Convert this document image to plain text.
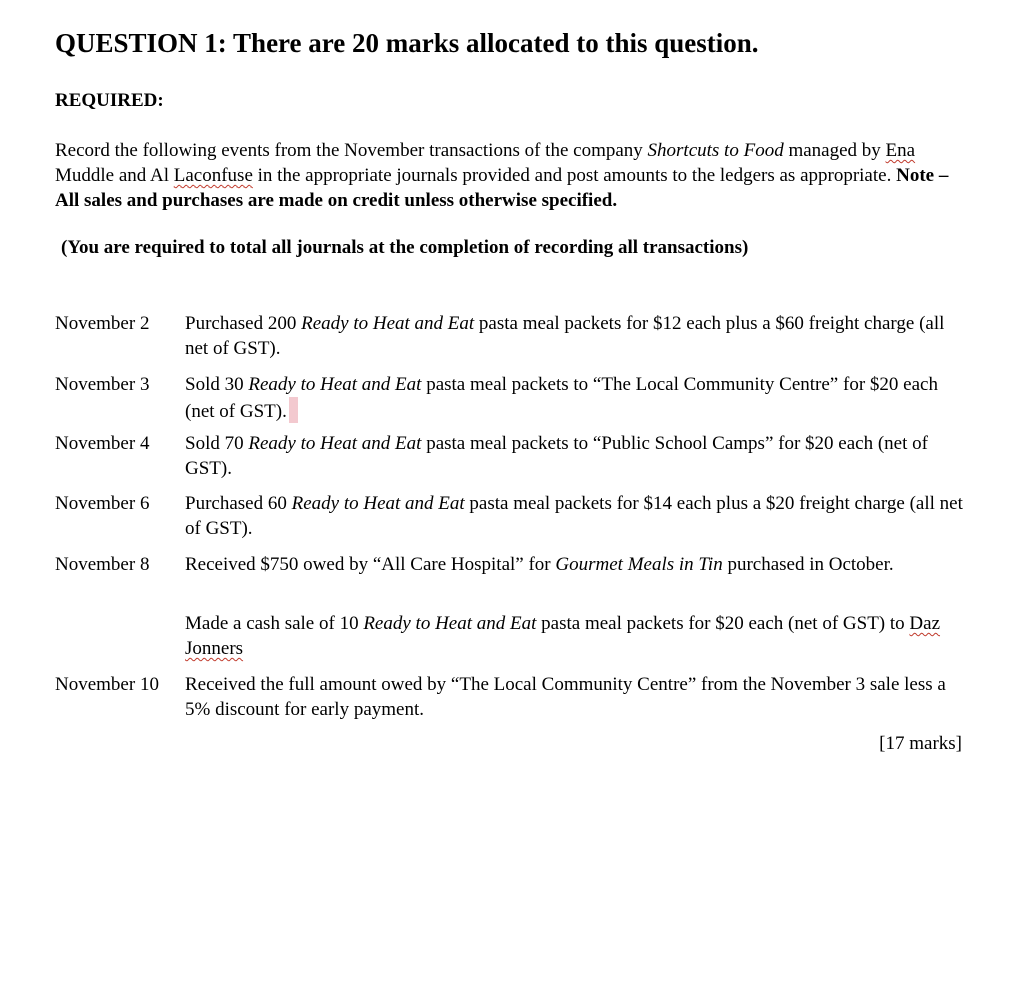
QUESTION 1: There are 20 marks allocated to this question.
REQUIRED:

Record the following events from the November transactions of the company Shortcuts to Food managed by Ena Muddle and Al Laconfuse in the appropriate journals provided and post amounts to the ledgers as appropriate. Note – All sales and purchases are made on credit unless otherwise specified.

(You are required to total all journals at the completion of recording all transactions)

November 2 Purchased 200 Ready to Heat and Eat pasta meal packets for $12 each plus a $60 freight charge (all net of GST).
November 3 Sold 30 Ready to Heat and Eat pasta meal packets to “The Local Community Centre” for $20 each (net of GST).
November 4 Sold 70 Ready to Heat and Eat pasta meal packets to “Public School Camps” for $20 each (net of GST).
November 6 Purchased 60 Ready to Heat and Eat pasta meal packets for $14 each plus a $20 freight charge (all net of GST).
November 8 Received $750 owed by “All Care Hospital” for Gourmet Meals in Tin purchased in October.
Made a cash sale of 10 Ready to Heat and Eat pasta meal packets for $20 each (net of GST) to Daz Jonners
November 10 Received the full amount owed by “The Local Community Centre” from the November 3 sale less a 5% discount for early payment.
[17 marks]
